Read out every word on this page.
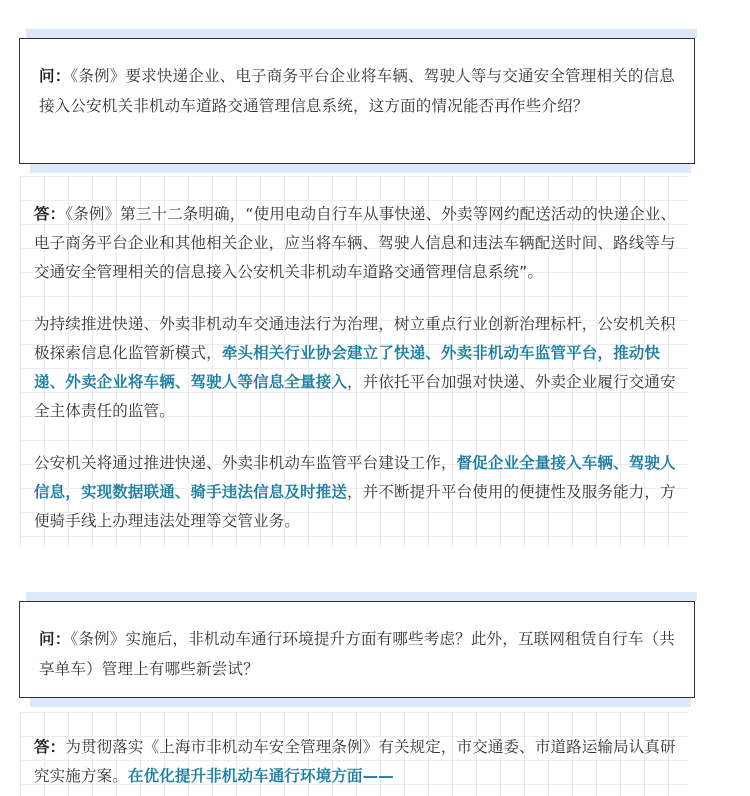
问：《条例》要求快递企业、电子商务平台企业将车辆、驾驶人等与交通安全管理相关的信息接入公安机关非机动车道路交通管理信息系统，这方面的情况能否再作些介绍？

答：《条例》第三十二条明确，“使用电动自行车从事快递、外卖等网约配送活动的快递企业、电子商务平台企业和其他相关企业，应当将车辆、驾驶人信息和违法车辆配送时间、路线等与交通安全管理相关的信息接入公安机关非机动车道路交通管理信息系统”。

为持续推进快递、外卖非机动车交通违法行为治理，树立重点行业创新治理标杆，公安机关积极探索信息化监管新模式，牵头相关行业协会建立了快递、外卖非机动车监管平台，推动快递、外卖企业将车辆、驾驶人等信息全量接入，并依托平台加强对快递、外卖企业履行交通安全主体责任的监管。

公安机关将通过推进快递、外卖非机动车监管平台建设工作，督促企业全量接入车辆、驾驶人信息，实现数据联通、骑手违法信息及时推送，并不断提升平台使用的便捷性及服务能力，方便骑手线上办理违法处理等交管业务。

问：《条例》实施后，非机动车通行环境提升方面有哪些考虑？此外，互联网租赁自行车（共享单车）管理上有哪些新尝试？

答：为贯彻落实《上海市非机动车安全管理条例》有关规定，市交通委、市道路运输局认真研究实施方案。在优化提升非机动车通行环境方面——
